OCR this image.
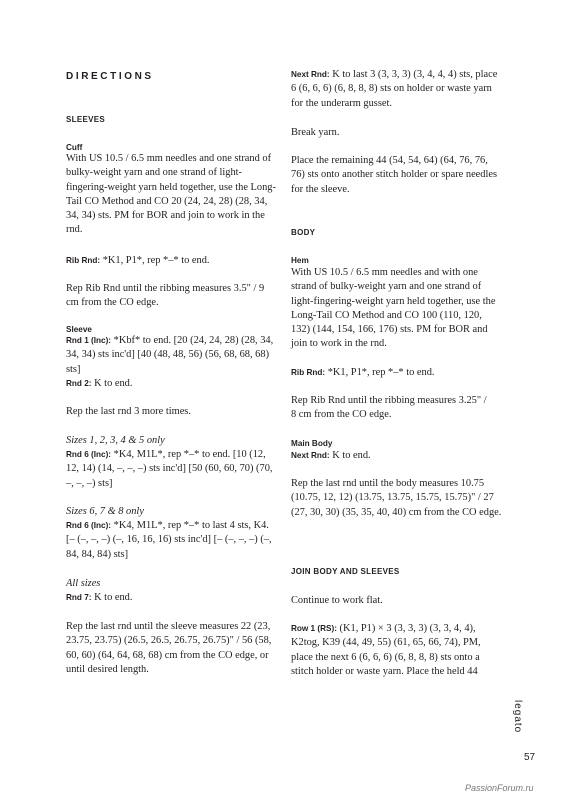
DIRECTIONS
SLEEVES
Cuff
With US 10.5 / 6.5 mm needles and one strand of bulky-weight yarn and one strand of light-fingering-weight yarn held together, use the Long-Tail CO Method and CO 20 (24, 24, 28) (28, 34, 34, 34) sts. PM for BOR and join to work in the rnd.
Rib Rnd: *K1, P1*, rep *–* to end.
Rep Rib Rnd until the ribbing measures 3.5" / 9 cm from the CO edge.
Sleeve
Rnd 1 (Inc): *Kbf* to end. [20 (24, 24, 28) (28, 34, 34, 34) sts inc'd] [40 (48, 48, 56) (56, 68, 68, 68) sts]
Rnd 2: K to end.
Rep the last rnd 3 more times.
Sizes 1, 2, 3, 4 & 5 only
Rnd 6 (Inc): *K4, M1L*, rep *–* to end. [10 (12, 12, 14) (14, –, –, –) sts inc'd] [50 (60, 60, 70) (70, –, –, –) sts]
Sizes 6, 7 & 8 only
Rnd 6 (Inc): *K4, M1L*, rep *–* to last 4 sts, K4. [– (–, –, –) (–, 16, 16, 16) sts inc'd] [– (–, –, –) (–, 84, 84, 84) sts]
All sizes
Rnd 7: K to end.
Rep the last rnd until the sleeve measures 22 (23, 23.75, 23.75) (26.5, 26.5, 26.75, 26.75)" / 56 (58, 60, 60) (64, 64, 68, 68) cm from the CO edge, or until desired length.
Next Rnd: K to last 3 (3, 3, 3) (3, 4, 4, 4) sts, place 6 (6, 6, 6) (6, 8, 8, 8) sts on holder or waste yarn for the underarm gusset.
Break yarn.
Place the remaining 44 (54, 54, 64) (64, 76, 76, 76) sts onto another stitch holder or spare needles for the sleeve.
BODY
Hem
With US 10.5 / 6.5 mm needles and with one strand of bulky-weight yarn and one strand of light-fingering-weight yarn held together, use the Long-Tail CO Method and CO 100 (110, 120, 132) (144, 154, 166, 176) sts. PM for BOR and join to work in the rnd.
Rib Rnd: *K1, P1*, rep *–* to end.
Rep Rib Rnd until the ribbing measures 3.25" / 8 cm from the CO edge.
Main Body
Next Rnd: K to end.
Rep the last rnd until the body measures 10.75 (10.75, 12, 12) (13.75, 13.75, 15.75, 15.75)" / 27 (27, 30, 30) (35, 35, 40, 40) cm from the CO edge.
JOIN BODY AND SLEEVES
Continue to work flat.
Row 1 (RS): (K1, P1) × 3 (3, 3, 3) (3, 3, 4, 4), K2tog, K39 (44, 49, 55) (61, 65, 66, 74), PM, place the next 6 (6, 6, 6) (6, 8, 8, 8) sts onto a stitch holder or waste yarn. Place the held 44
legato
57
PassionForum.ru
